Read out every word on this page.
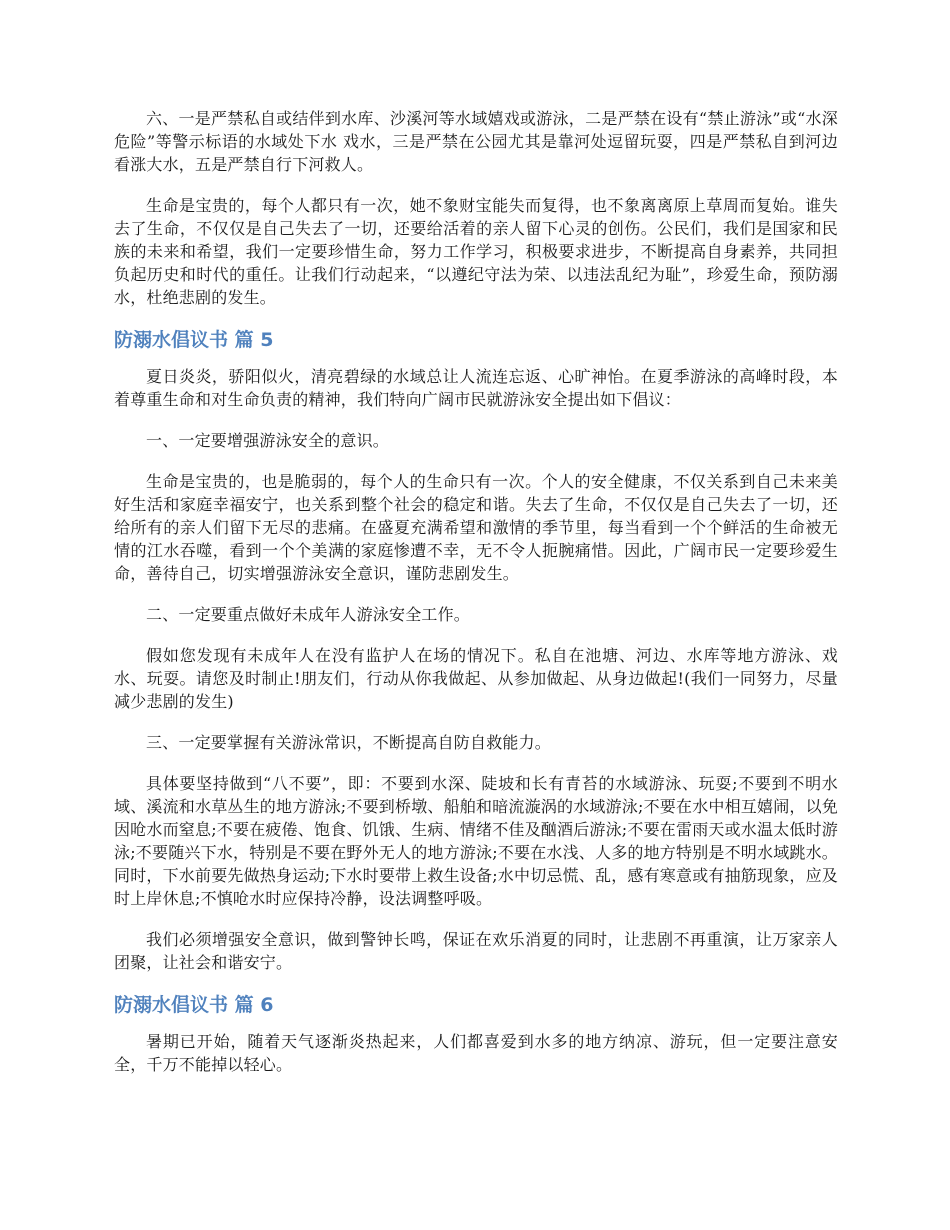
六、一是严禁私自或结伴到水库、沙溪河等水域嬉戏或游泳，二是严禁在设有“禁止游泳”或“水深危险”等警示标语的水域处下水 戏水，三是严禁在公园尤其是靠河处逗留玩耍，四是严禁私自到河边看涨大水，五是严禁自行下河救人。

生命是宝贵的，每个人都只有一次，她不象财宝能失而复得，也不象离离原上草周而复始。谁失去了生命，不仅仅是自己失去了一切，还要给活着的亲人留下心灵的创伤。公民们，我们是国家和民族的未来和希望，我们一定要珍惜生命，努力工作学习，积极要求进步，不断提高自身素养，共同担负起历史和时代的重任。让我们行动起来，“以遵纪守法为荣、以违法乱纪为耻”，珍爱生命，预防溺水，杜绝悲剧的发生。

防溺水倡议书 篇 5

夏日炎炎，骄阳似火，清亮碧绿的水域总让人流连忘返、心旷神怡。在夏季游泳的高峰时段，本着尊重生命和对生命负责的精神，我们特向广阔市民就游泳安全提出如下倡议：

一、一定要增强游泳安全的意识。

生命是宝贵的，也是脆弱的，每个人的生命只有一次。个人的安全健康，不仅关系到自己未来美好生活和家庭幸福安宁，也关系到整个社会的稳定和谐。失去了生命，不仅仅是自己失去了一切，还给所有的亲人们留下无尽的悲痛。在盛夏充满希望和激情的季节里，每当看到一个个鲜活的生命被无情的江水吞噬，看到一个个美满的家庭惨遭不幸，无不令人扼腕痛惜。因此，广阔市民一定要珍爱生命，善待自己，切实增强游泳安全意识，谨防悲剧发生。

二、一定要重点做好未成年人游泳安全工作。

假如您发现有未成年人在没有监护人在场的情况下。私自在池塘、河边、水库等地方游泳、戏水、玩耍。请您及时制止!朋友们，行动从你我做起、从参加做起、从身边做起!(我们一同努力，尽量减少悲剧的发生)

三、一定要掌握有关游泳常识，不断提高自防自救能力。

具体要坚持做到“八不要”，即：不要到水深、陡坡和长有青苔的水域游泳、玩耍;不要到不明水域、溪流和水草丛生的地方游泳;不要到桥墩、船舶和暗流漩涡的水域游泳;不要在水中相互嬉闹，以免因呛水而窒息;不要在疲倦、饱食、饥饿、生病、情绪不佳及酗酒后游泳;不要在雷雨天或水温太低时游泳;不要随兴下水，特别是不要在野外无人的地方游泳;不要在水浅、人多的地方特别是不明水域跳水。同时，下水前要先做热身运动;下水时要带上救生设备;水中切忌慌、乱，感有寒意或有抽筋现象，应及时上岸休息;不慎呛水时应保持冷静，设法调整呼吸。

我们必须增强安全意识，做到警钟长鸣，保证在欢乐消夏的同时，让悲剧不再重演，让万家亲人团聚，让社会和谐安宁。

防溺水倡议书 篇 6

暑期已开始，随着天气逐渐炎热起来，人们都喜爱到水多的地方纳凉、游玩，但一定要注意安全，千万不能掉以轻心。
